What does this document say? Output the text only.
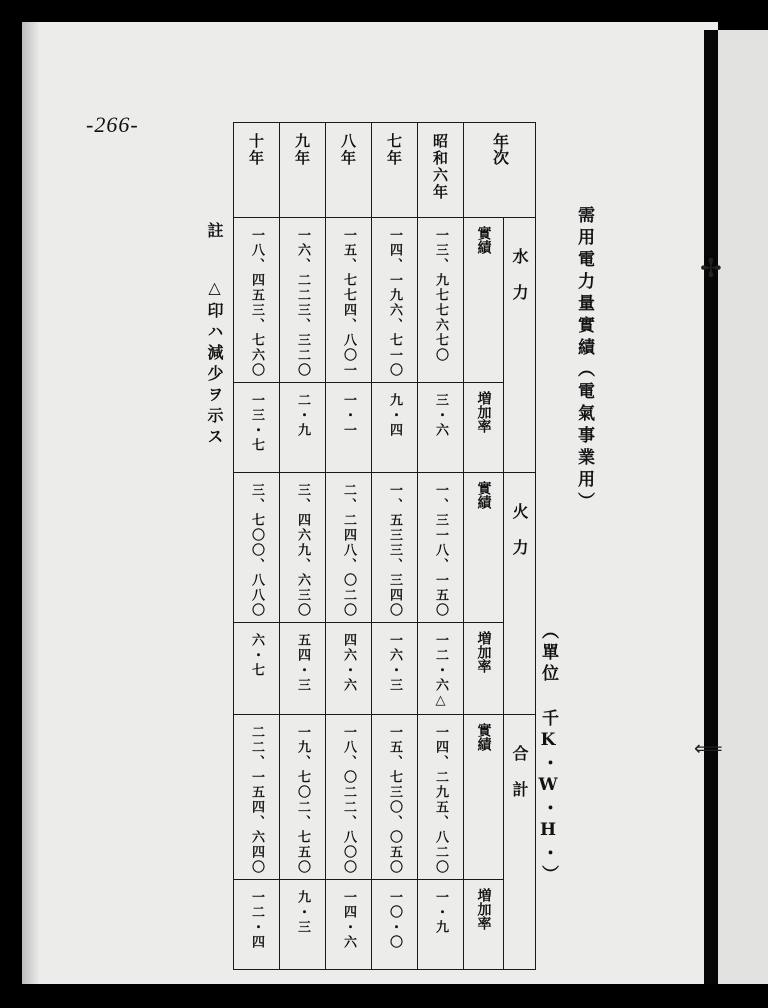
-266-
需用電力量實績（電氣事業用）
（單位 千K・W・H・）
年次		昭和六年	七年	八年	九年	十年

水力	實績	一三、九七七六七〇	一四、一九六、七一〇	一五、七七四、八〇一	一六、二二三、三二〇	一八、四五三、七六〇
	増加率	三・六	九・四	一・一	二・九	一三・七
火力	實績	一、三一八、一五〇	一、五三三、三四〇	二、二四八、〇二〇	三、四六九、六三〇	三、七〇〇、八八〇
	増加率	△一二・六	一六・三	四六・六	五四・三	六・七
合計	實績	一四、二九五、八二〇	一五、七三〇、〇五〇	一八、〇二二、八〇〇	一九、七〇二、七五〇	二二、一五四、六四〇
	増加率	一・九	一〇・〇	一四・六	九・三	一二・四
註
△印ハ減少ヲ示ス
✢
⟸
